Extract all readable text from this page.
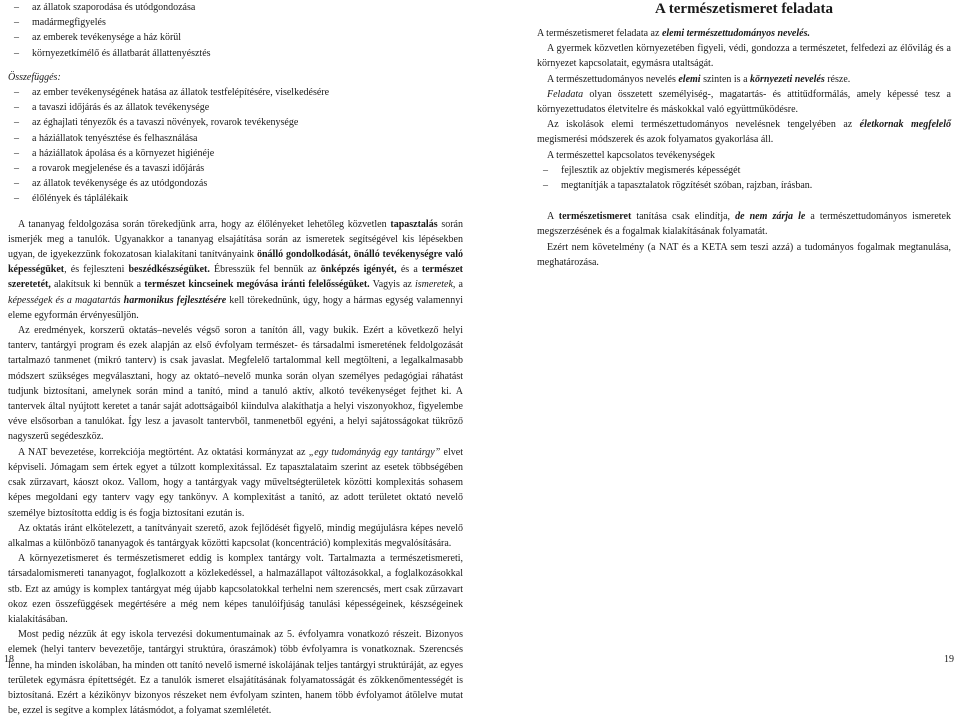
– az állatok szaporodása és utódgondozása
– madármegfigyelés
– az emberek tevékenysége a ház körül
– környezetkímélő és állatbarát állattenyésztés
Összefüggés:
– az ember tevékenységének hatása az állatok testfelépítésére, viselkedésére
– a tavaszi időjárás és az állatok tevékenysége
– az éghajlati tényezők és a tavaszi növények, rovarok tevékenysége
– a háziállatok tenyésztése és felhasználása
– a háziállatok ápolása és a környezet higiénéje
– a rovarok megjelenése és a tavaszi időjárás
– az állatok tevékenysége és az utódgondozás
– élőlények és táplálékaik

A tananyag feldolgozása során törekedjünk arra, hogy az élőlényeket lehetőleg közvetlen tapasztalás során ismerjék meg a tanulók. Ugyanakkor a tananyag elsajátítása során az ismeretek segítségével kis lépésekben ugyan, de igyekezzünk fokozatosan kialakítani tanítványaink önálló gondolkodását, önálló tevékenységre való képességüket, és fejleszteni beszédkészségüket. Ébresszük fel bennük az önképzés igényét, és a természet szeretetét, alakítsuk ki bennük a természet kincseinek megóvása iránti felelősségüket. Vagyis az ismeretek, a képességek és a magatartás harmonikus fejlesztésére kell törekednünk, úgy, hogy a hármas egység valamennyi eleme egyformán érvényesüljön.

Az eredmények, korszerű oktatás–nevelés végső soron a tanítón áll, vagy bukik. Ezért a következő helyi tanterv, tantárgyi program és ezek alapján az első évfolyam természet- és társadalmi ismeretének feldolgozását tartalmazó tanmenet (mikró tanterv) is csak javaslat. Megfelelő tartalommal kell megtölteni, a legalkalmasabb módszert szükséges megválasztani, hogy az oktató–nevelő munka során olyan személyes pedagógiai ráhatást tudjunk biztosítani, amelynek során mind a tanító, mind a tanuló aktív, alkotó tevékenységet fejthet ki. A tantervek által nyújtott keretet a tanár saját adottságaiból kiindulva alakíthatja a helyi viszonyokhoz, figyelembe véve elsősorban a tanulókat. Így lesz a javasolt tantervből, tanmenetből egyéni, a helyi sajátosságokat tükröző nagyszerű segédeszköz.

A NAT bevezetése, korrekciója megtörtént. Az oktatási kormányzat az „egy tudományág egy tantárgy” elvet képviseli. Jómagam sem értek egyet a túlzott komplexitással. Ez tapasztalataim szerint az esetek többségében csak zűrzavart, káoszt okoz. Vallom, hogy a tantárgyak vagy műveltségterületek közötti komplexitás sohasem képes megoldani egy tanterv vagy egy tankönyv. A komplexitást a tanító, az adott területet oktató nevelő személye biztosította eddig is és fogja biztosítani ezután is.

Az oktatás iránt elkötelezett, a tanítványait szerető, azok fejlődését figyelő, mindig megújulásra képes nevelő alkalmas a különböző tananyagok és tantárgyak közötti kapcsolat (koncentráció) komplexitás megvalósítására.

A környezetismeret és természetismeret eddig is komplex tantárgy volt. Tartalmazta a természetismereti, társadalomismereti tananyagot, foglalkozott a közlekedéssel, a halmazállapot változásokkal, a foglalkozásokkal stb. Ezt az amúgy is komplex tantárgyat még újabb kapcsolatokkal terhelni nem szerencsés, mert csak zűrzavart okoz ezen összefüggések megértésére a még nem képes tanulóifjúság tanulási képességeinek, készségeinek kialakításában.

Most pedig nézzük át egy iskola tervezési dokumentumainak az 5. évfolyamra vonatkozó részeit. Bizonyos elemek (helyi tanterv bevezetője, tantárgyi struktúra, óraszámok) több évfolyamra is vonatkoznak. Szerencsés lenne, ha minden iskolában, ha minden ott tanító nevelő ismerné iskolájának teljes tantárgyi struktúráját, az egyes területek egymásra építettségét. Ez a tanulók ismeret elsajátításának folyamatosságát és zökkenőmentességét is biztosítaná. Ezért a kézikönyv bizonyos részeket nem évfolyam szinten, hanem több évfolyamot átölelve mutat be, ezzel is segítve a komplex látásmódot, a folyamat szemléletét.

18
A természetismeret feladata

A természetismeret feladata az elemi természettudományos nevelés.

A gyermek közvetlen környezetében figyeli, védi, gondozza a természetet, felfedezi az élővilág és a környezet kapcsolatait, egymásra utaltságát.

A természettudományos nevelés elemi szinten is a környezeti nevelés része.

Feladata olyan összetett személyiség-, magatartás- és attitűdformálás, amely képessé tesz a környezettudatos életvitelre és máskokkal való együttműködésre.

Az iskolások elemi természettudományos nevelésnek tengelyében az életkornak megfelelő megismerési módszerek és azok folyamatos gyakorlása áll.

A természettel kapcsolatos tevékenységek

– fejlesztik az objektív megismerés képességét
– megtanítják a tapasztalatok rögzítését szóban, rajzban, írásban.

A természetismeret tanítása csak elindítja, de nem zárja le a természettudományos ismeretek megszerzésének és a fogalmak kialakításának folyamatát.

Ezért nem követelmény (a NAT és a KETA sem teszi azzá) a tudományos fogalmak megtanulása, meghatározása.

19
